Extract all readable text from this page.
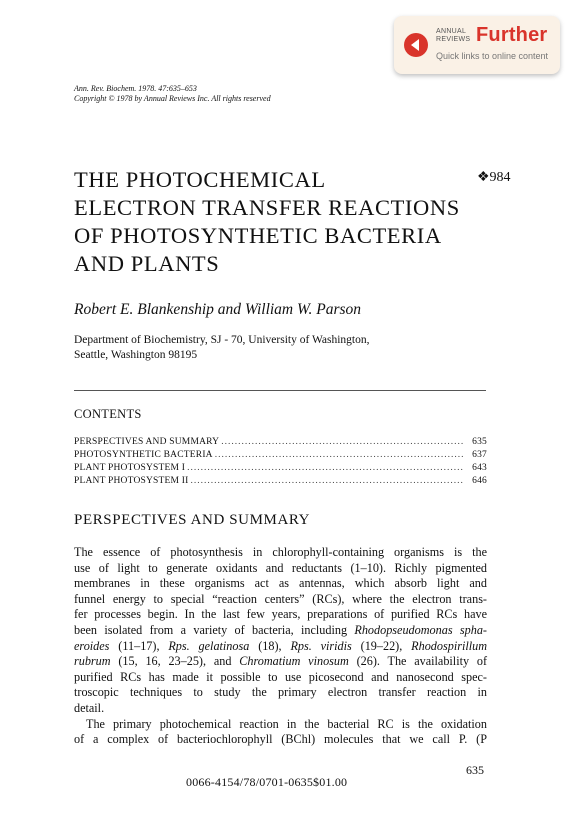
ANNUAL
REVIEWS Further
Quick links to online content
Ann. Rev. Biochem. 1978. 47:635–653
Copyright © 1978 by Annual Reviews Inc. All rights reserved
THE PHOTOCHEMICAL
ELECTRON TRANSFER REACTIONS
OF PHOTOSYNTHETIC BACTERIA
AND PLANTS
❖984
Robert E. Blankenship and William W. Parson
Department of Biochemistry, SJ - 70, University of Washington,
Seattle, Washington 98195
CONTENTS
PERSPECTIVES AND SUMMARY .....	635
PHOTOSYNTHETIC BACTERIA .....	637
PLANT PHOTOSYSTEM I .....	643
PLANT PHOTOSYSTEM II .....	646
PERSPECTIVES AND SUMMARY
The essence of photosynthesis in chlorophyll-containing organisms is the
use of light to generate oxidants and reductants (1–10). Richly pigmented
membranes in these organisms act as antennas, which absorb light and
funnel energy to special “reaction centers” (RCs), where the electron trans-
fer processes begin. In the last few years, preparations of purified RCs have
been isolated from a variety of bacteria, including Rhodopseudomonas spha-
eroides (11–17), Rps. gelatinosa (18), Rps. viridis (19–22), Rhodospirillum
rubrum (15, 16, 23–25), and Chromatium vinosum (26). The availability of
purified RCs has made it possible to use picosecond and nanosecond spec-
troscopic techniques to study the primary electron transfer reaction in
detail.
The primary photochemical reaction in the bacterial RC is the oxidation
of a complex of bacteriochlorophyll (BChl) molecules that we call P. (P
635
0066-4154/78/0701-0635$01.00
